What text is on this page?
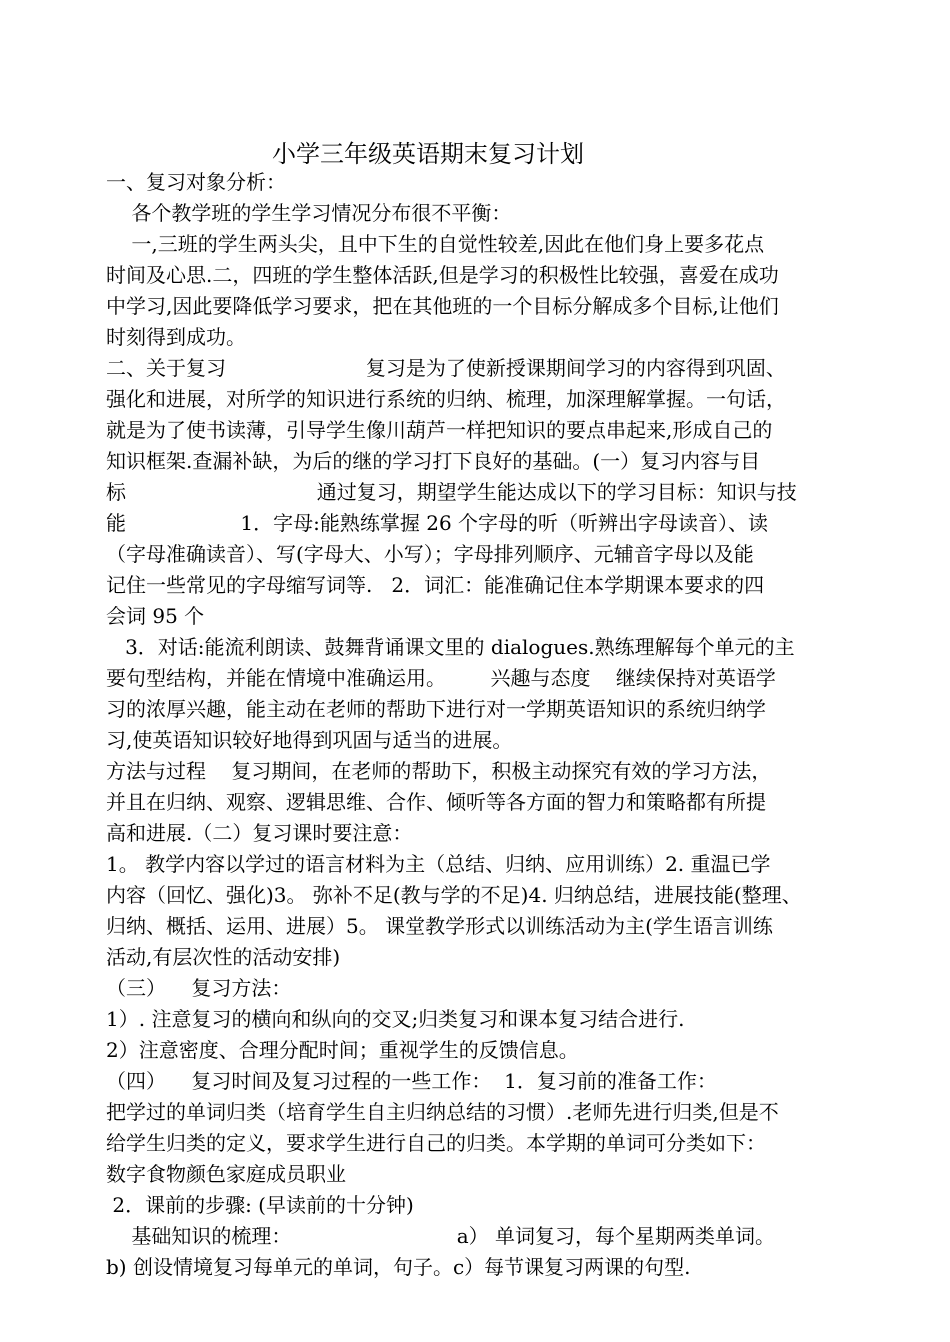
小学三年级英语期末复习计划
一、复习对象分析：
各个教学班的学生学习情况分布很不平衡：
一,三班的学生两头尖，且中下生的自觉性较差,因此在他们身上要多花点
时间及心思.二，四班的学生整体活跃,但是学习的积极性比较强，喜爱在成功
中学习,因此要降低学习要求，把在其他班的一个目标分解成多个目标,让他们
时刻得到成功。
二、关于复习                      复习是为了使新授课期间学习的内容得到巩固、
强化和进展，对所学的知识进行系统的归纳、梳理，加深理解掌握。一句话，
就是为了使书读薄，引导学生像川葫芦一样把知识的要点串起来,形成自己的
知识框架.查漏补缺，为后的继的学习打下良好的基础。(一）复习内容与目
标                              通过复习，期望学生能达成以下的学习目标：知识与技
能                  1．字母:能熟练掌握 26 个字母的听（听辨出字母读音）、读
（字母准确读音）、写(字母大、小写）；字母排列顺序、元辅音字母以及能
记住一些常见的字母缩写词等.   2．词汇：能准确记住本学期课本要求的四
会词 95 个
3．对话:能流利朗读、鼓舞背诵课文里的 dialogues.熟练理解每个单元的主
要句型结构，并能在情境中准确运用。       兴趣与态度    继续保持对英语学
习的浓厚兴趣，能主动在老师的帮助下进行对一学期英语知识的系统归纳学
习,使英语知识较好地得到巩固与适当的进展。
方法与过程    复习期间，在老师的帮助下，积极主动探究有效的学习方法，
并且在归纳、观察、逻辑思维、合作、倾听等各方面的智力和策略都有所提
高和进展.（二）复习课时要注意：
1。 教学内容以学过的语言材料为主（总结、归纳、应用训练）2. 重温已学
内容（回忆、强化)3。 弥补不足(教与学的不足)4. 归纳总结，进展技能(整理、
归纳、概括、运用、进展）5。 课堂教学形式以训练活动为主(学生语言训练
活动,有层次性的活动安排)
（三）    复习方法：
1）. 注意复习的横向和纵向的交叉;归类复习和课本复习结合进行.
2）注意密度、合理分配时间；重视学生的反馈信息。
（四）    复习时间及复习过程的一些工作：  1．复习前的准备工作：
把学过的单词归类（培育学生自主归纳总结的习惯）.老师先进行归类,但是不
给学生归类的定义，要求学生进行自己的归类。本学期的单词可分类如下：
数字食物颜色家庭成员职业
2．课前的步骤: (早读前的十分钟)
基础知识的梳理：                          a） 单词复习，每个星期两类单词。
b) 创设情境复习每单元的单词，句子。c）每节课复习两课的句型.
